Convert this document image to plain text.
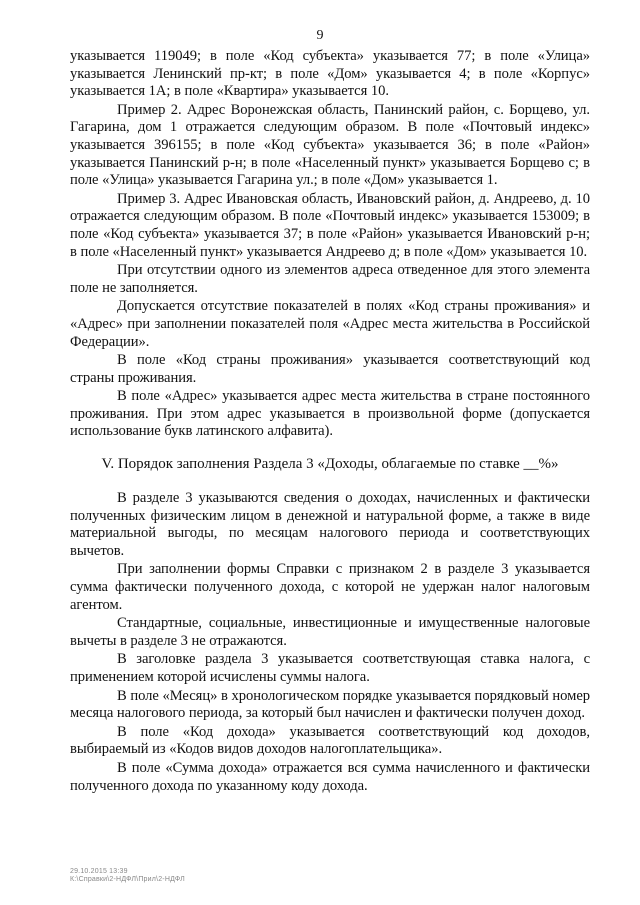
9

указывается 119049; в поле «Код субъекта» указывается 77; в поле «Улица» указывается Ленинский пр-кт; в поле «Дом» указывается 4; в поле «Корпус» указывается 1А; в поле «Квартира» указывается 10.

Пример 2. Адрес Воронежская область, Панинский район, с. Борщево, ул. Гагарина, дом 1 отражается следующим образом. В поле «Почтовый индекс» указывается 396155; в поле «Код субъекта» указывается 36; в поле «Район» указывается Панинский р-н; в поле «Населенный пункт» указывается Борщево с; в поле «Улица» указывается Гагарина ул.; в поле «Дом» указывается 1.

Пример 3. Адрес Ивановская область, Ивановский район, д. Андреево, д. 10 отражается следующим образом. В поле «Почтовый индекс» указывается 153009; в поле «Код субъекта» указывается 37; в поле «Район» указывается Ивановский р-н; в поле «Населенный пункт» указывается Андреево д; в поле «Дом» указывается 10.

При отсутствии одного из элементов адреса отведенное для этого элемента поле не заполняется.

Допускается отсутствие показателей в полях «Код страны проживания» и «Адрес» при заполнении показателей поля «Адрес места жительства в Российской Федерации».

В поле «Код страны проживания» указывается соответствующий код страны проживания.

В поле «Адрес» указывается адрес места жительства в стране постоянного проживания. При этом адрес указывается в произвольной форме (допускается использование букв латинского алфавита).

V. Порядок заполнения Раздела 3 «Доходы, облагаемые по ставке __%»

В разделе 3 указываются сведения о доходах, начисленных и фактически полученных физическим лицом в денежной и натуральной форме, а также в виде материальной выгоды, по месяцам налогового периода и соответствующих вычетов.

При заполнении формы Справки с признаком 2 в разделе 3 указывается сумма фактически полученного дохода, с которой не удержан налог налоговым агентом.

Стандартные, социальные, инвестиционные и имущественные налоговые вычеты в разделе 3 не отражаются.

В заголовке раздела 3 указывается соответствующая ставка налога, с применением которой исчислены суммы налога.

В поле «Месяц» в хронологическом порядке указывается порядковый номер месяца налогового периода, за который был начислен и фактически получен доход.

В поле «Код дохода» указывается соответствующий код доходов, выбираемый из «Кодов видов доходов налогоплательщика».

В поле «Сумма дохода» отражается вся сумма начисленного и фактически полученного дохода по указанному коду дохода.

29.10.2015 13:39
К:\Справки\2-НДФЛ\Прил\2-НДФЛ
